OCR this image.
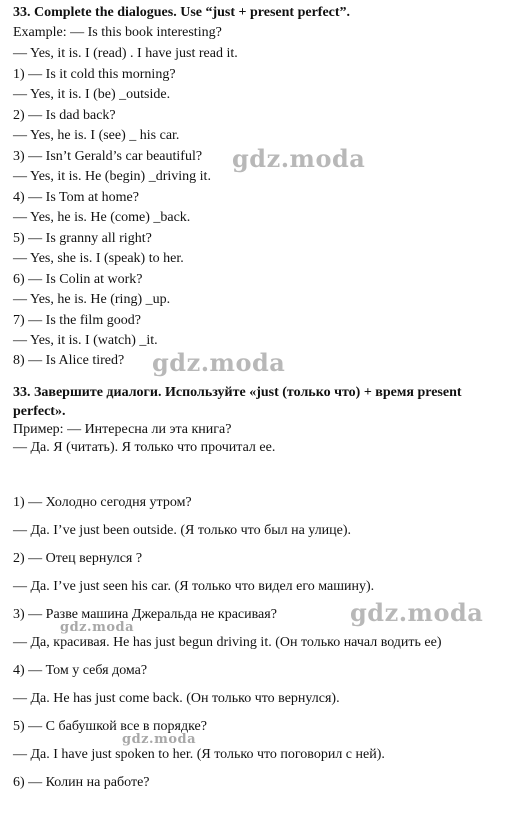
33. Complete the dialogues. Use “just + present perfect”.
Example: — Is this book interesting?
— Yes, it is. I (read) . I have just read it.
1) — Is it cold this morning?
— Yes, it is. I (be) _outside.
2) — Is dad back?
— Yes, he is. I (see) _ his car.
3) — Isn’t Gerald’s car beautiful?
— Yes, it is. He (begin) _driving it.
4) — Is Tom at home?
— Yes, he is. He (come) _back.
5) — Is granny all right?
— Yes, she is. I (speak) to her.
6) — Is Colin at work?
— Yes, he is. He (ring) _up.
7) — Is the film good?
— Yes, it is. I (watch) _it.
8) — Is Alice tired?
33. Завершите диалоги. Используйте «just (только что) + время present
perfect».
Пример: — Интересна ли эта книга?
— Да. Я (читать). Я только что прочитал ее.
1) — Холодно сегодня утром?
— Да. I’ve just been outside. (Я только что был на улице).
2) — Отец вернулся ?
— Да. I’ve just seen his car. (Я только что видел его машину).
3) — Разве машина Джеральда не красивая?
— Да, красивая. He has just begun driving it. (Он только начал водить ее)
4) — Том у себя дома?
— Да. He has just come back. (Он только что вернулся).
5) — С бабушкой все в порядке?
— Да. I have just spoken to her. (Я только что поговорил с ней).
6) — Колин на работе?
gdz.moda
gdz.moda
gdz.moda
gdz.moda
gdz.moda
